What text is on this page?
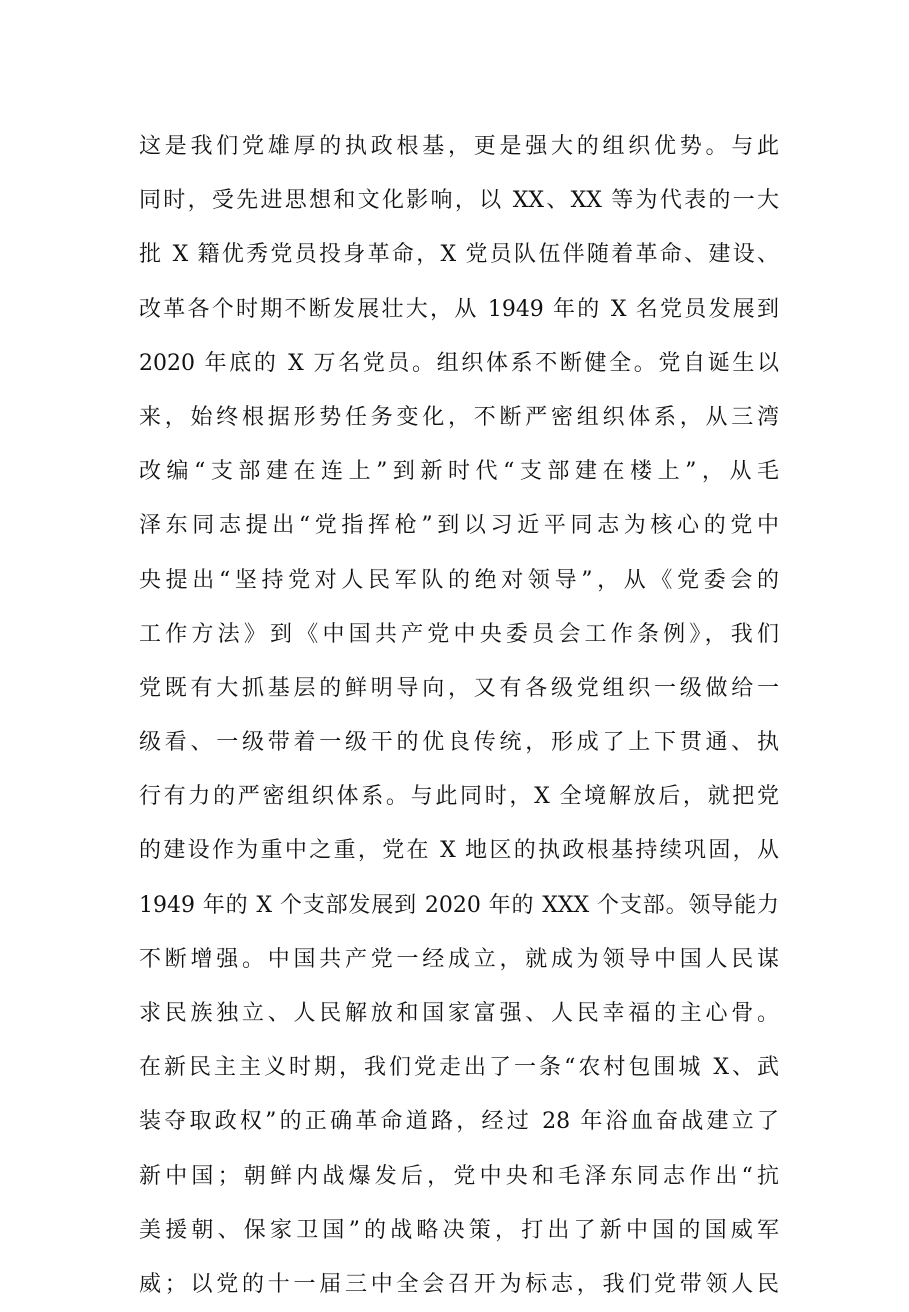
这是我们党雄厚的执政根基，更是强大的组织优势。与此
同时，受先进思想和文化影响，以 XX、XX 等为代表的一大
批 X 籍优秀党员投身革命，X 党员队伍伴随着革命、建设、
改革各个时期不断发展壮大，从 1949 年的 X 名党员发展到
2020 年底的 X 万名党员。组织体系不断健全。党自诞生以
来，始终根据形势任务变化，不断严密组织体系，从三湾
改编“支部建在连上”到新时代“支部建在楼上”，从毛
泽东同志提出“党指挥枪”到以习近平同志为核心的党中
央提出“坚持党对人民军队的绝对领导”，从《党委会的
工作方法》到《中国共产党中央委员会工作条例》，我们
党既有大抓基层的鲜明导向，又有各级党组织一级做给一
级看、一级带着一级干的优良传统，形成了上下贯通、执
行有力的严密组织体系。与此同时，X 全境解放后，就把党
的建设作为重中之重，党在 X 地区的执政根基持续巩固，从
1949 年的 X 个支部发展到 2020 年的 XXX 个支部。领导能力
不断增强。中国共产党一经成立，就成为领导中国人民谋
求民族独立、人民解放和国家富强、人民幸福的主心骨。
在新民主主义时期，我们党走出了一条“农村包围城 X、武
装夺取政权”的正确革命道路，经过 28 年浴血奋战建立了
新中国；朝鲜内战爆发后，党中央和毛泽东同志作出“抗
美援朝、保家卫国”的战略决策，打出了新中国的国威军
威；以党的十一届三中全会召开为标志，我们党带领人民
